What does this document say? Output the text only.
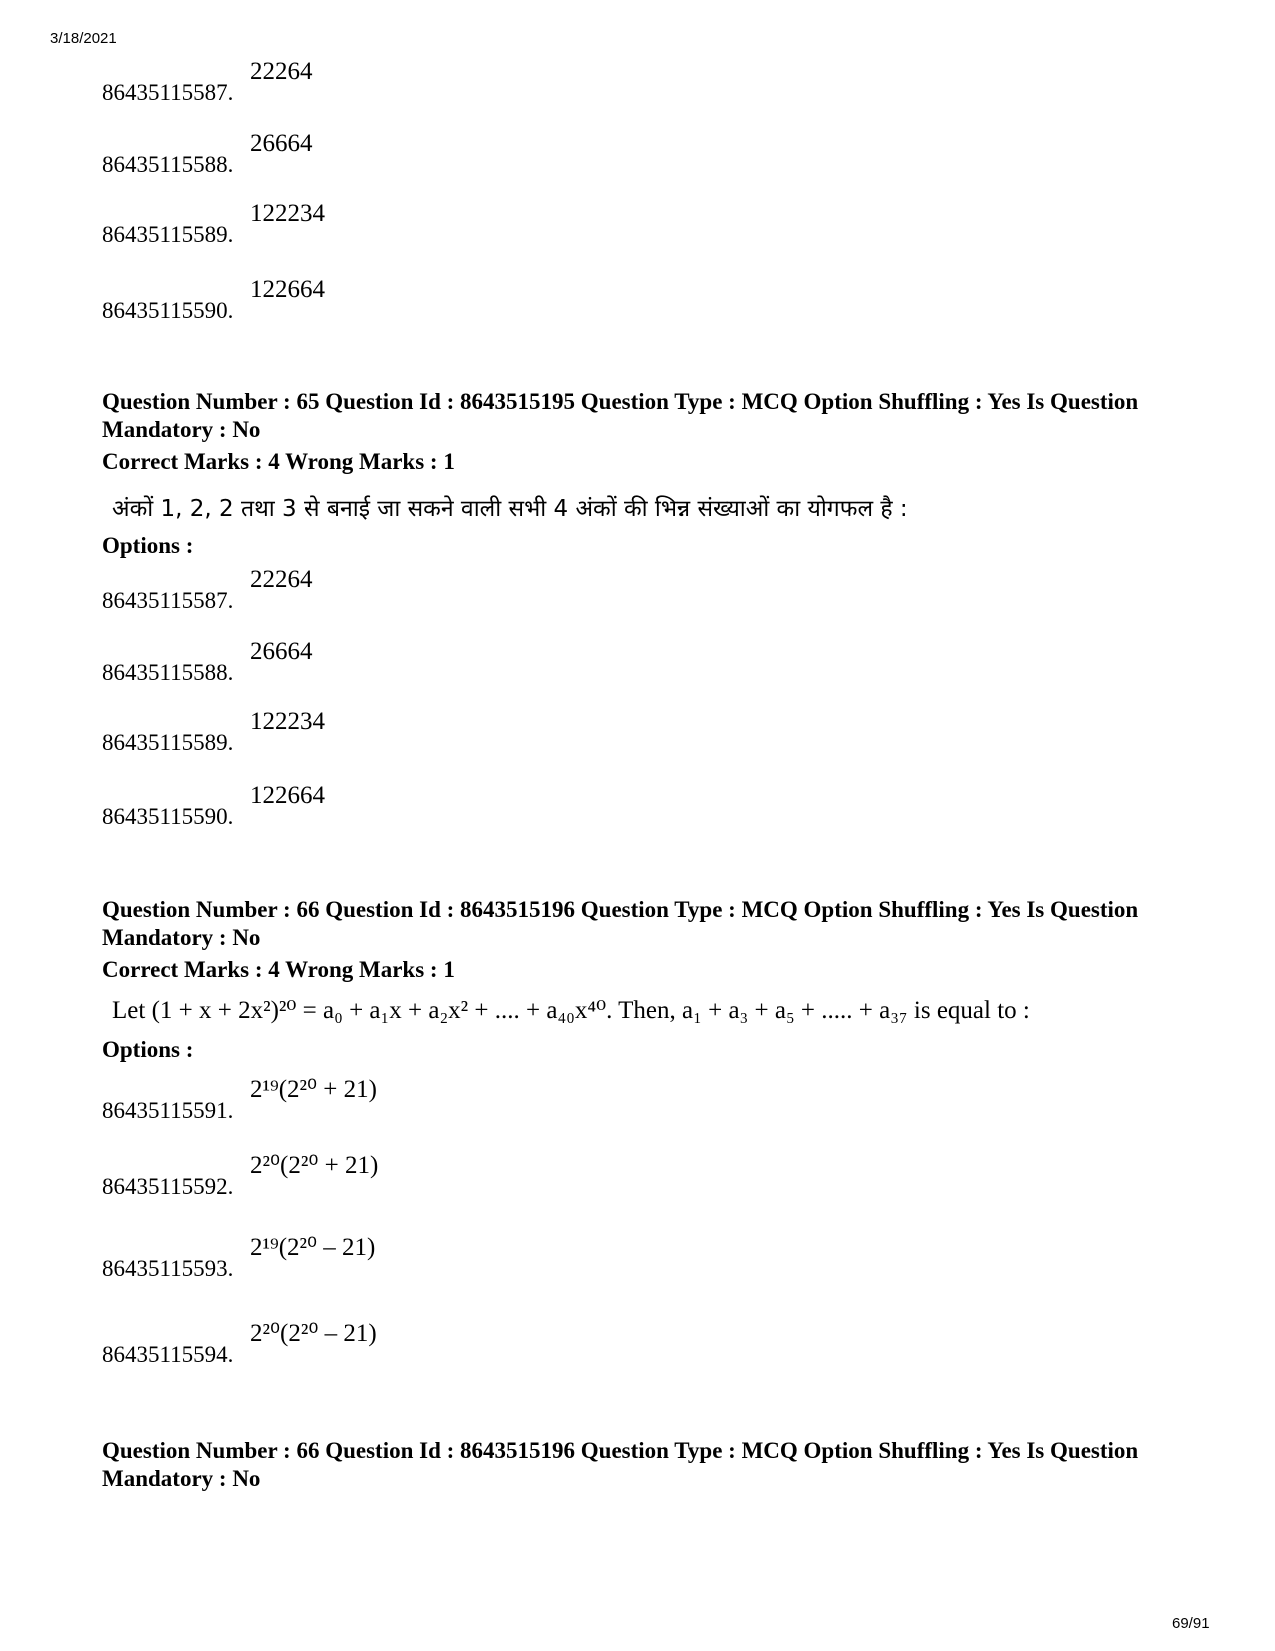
3/18/2021
86435115587.
22264
86435115588.
26664
86435115589.
122234
86435115590.
122664
Question Number : 65 Question Id : 8643515195 Question Type : MCQ Option Shuffling : Yes Is Question Mandatory : No
Correct Marks : 4 Wrong Marks : 1
अंकों 1, 2, 2 तथा 3 से बनाई जा सकने वाली सभी 4 अंकों की भिन्न संख्याओं का योगफल है :
Options :
86435115587.
22264
86435115588.
26664
86435115589.
122234
86435115590.
122664
Question Number : 66 Question Id : 8643515196 Question Type : MCQ Option Shuffling : Yes Is Question Mandatory : No
Correct Marks : 4 Wrong Marks : 1
Let (1 + x + 2x²)²⁰ = a₀ + a₁x + a₂x² + .... + a₄₀x⁴⁰. Then, a₁ + a₃ + a₅ + ..... + a₃₇ is equal to :
Options :
86435115591.
2¹⁹(2²⁰ + 21)
86435115592.
2²⁰(2²⁰ + 21)
86435115593.
2¹⁹(2²⁰ – 21)
86435115594.
2²⁰(2²⁰ – 21)
Question Number : 66 Question Id : 8643515196 Question Type : MCQ Option Shuffling : Yes Is Question Mandatory : No
69/91
